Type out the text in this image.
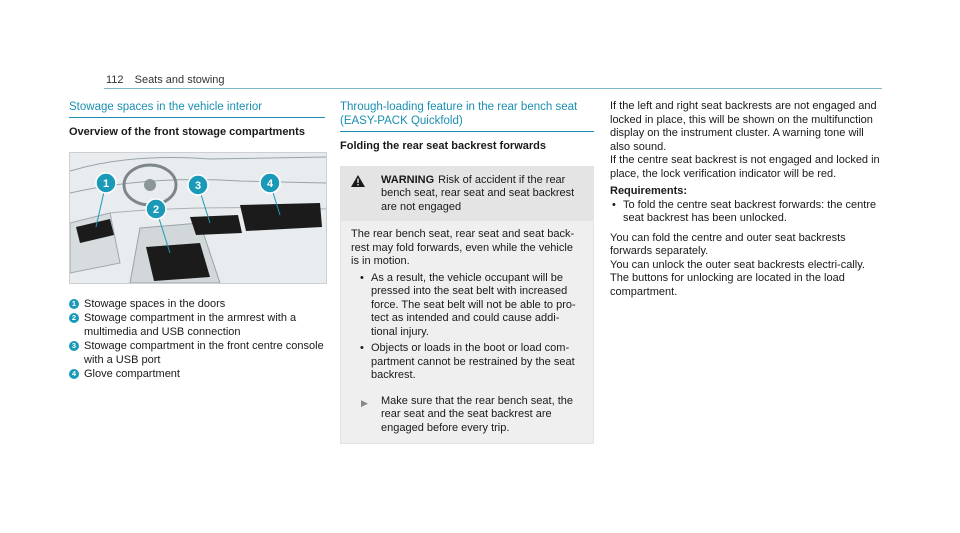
112 Seats and stowing
Stowage spaces in the vehicle interior
Overview of the front stowage compartments
1
2
3	4
1 Stowage spaces in the doors
2 Stowage compartment in the armrest with a multimedia and USB connection
3 Stowage compartment in the front centre console with a USB port
4 Glove compartment
Through-loading feature in the rear bench seat (EASY-PACK Quickfold)
Folding the rear seat backrest forwards
WARNING Risk of accident if the rear bench seat, rear seat and seat backrest are not engaged

The rear bench seat, rear seat and seat back-rest may fold forwards, even while the vehicle is in motion.

• As a result, the vehicle occupant will be pressed into the seat belt with increased force. The seat belt will not be able to pro-tect as intended and could cause addi-tional injury.
• Objects or loads in the boot or load com-partment cannot be restrained by the seat backrest.
▶ Make sure that the rear bench seat, the rear seat and the seat backrest are engaged before every trip.

If the left and right seat backrests are not engaged and locked in place, this will be shown on the multifunction display on the instrument cluster. A warning tone will also sound.

If the centre seat backrest is not engaged and locked in place, the lock verification indicator will be red.

Requirements:
• To fold the centre seat backrest forwards: the centre seat backrest has been unlocked.

You can fold the centre and outer seat backrests forwards separately.

You can unlock the outer seat backrests electri-cally. The buttons for unlocking are located in the load compartment.
